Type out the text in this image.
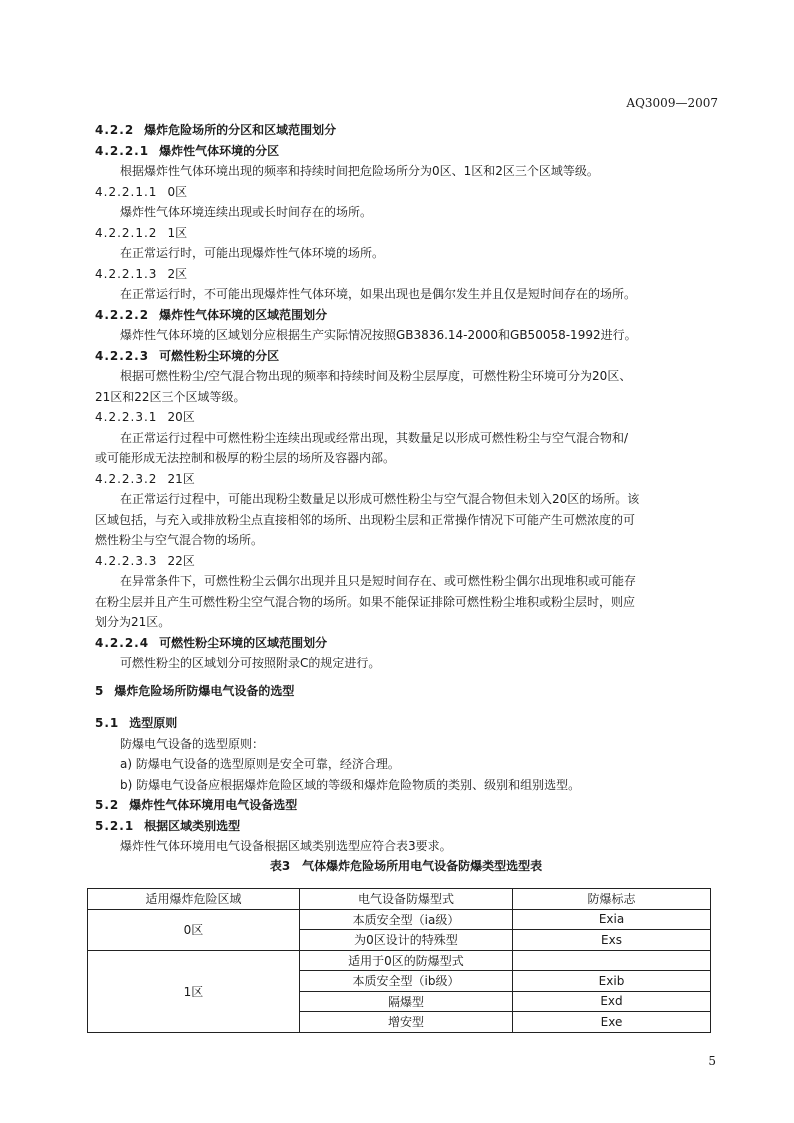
AQ3009—2007
4.2.2 爆炸危险场所的分区和区域范围划分
4.2.2.1 爆炸性气体环境的分区
根据爆炸性气体环境出现的频率和持续时间把危险场所分为0区、1区和2区三个区域等级。
4.2.2.1.1 0区
爆炸性气体环境连续出现或长时间存在的场所。
4.2.2.1.2 1区
在正常运行时，可能出现爆炸性气体环境的场所。
4.2.2.1.3 2区
在正常运行时，不可能出现爆炸性气体环境，如果出现也是偶尔发生并且仅是短时间存在的场所。
4.2.2.2 爆炸性气体环境的区域范围划分
爆炸性气体环境的区域划分应根据生产实际情况按照GB3836.14-2000和GB50058-1992进行。
4.2.2.3 可燃性粉尘环境的分区
根据可燃性粉尘/空气混合物出现的频率和持续时间及粉尘层厚度，可燃性粉尘环境可分为20区、
21区和22区三个区域等级。
4.2.2.3.1 20区
在正常运行过程中可燃性粉尘连续出现或经常出现，其数量足以形成可燃性粉尘与空气混合物和/
或可能形成无法控制和极厚的粉尘层的场所及容器内部。
4.2.2.3.2 21区
在正常运行过程中，可能出现粉尘数量足以形成可燃性粉尘与空气混合物但未划入20区的场所。该
区域包括，与充入或排放粉尘点直接相邻的场所、出现粉尘层和正常操作情况下可能产生可燃浓度的可
燃性粉尘与空气混合物的场所。
4.2.2.3.3 22区
在异常条件下，可燃性粉尘云偶尔出现并且只是短时间存在、或可燃性粉尘偶尔出现堆积或可能存
在粉尘层并且产生可燃性粉尘空气混合物的场所。如果不能保证排除可燃性粉尘堆积或粉尘层时，则应
划分为21区。
4.2.2.4 可燃性粉尘环境的区域范围划分
可燃性粉尘的区域划分可按照附录C的规定进行。
5 爆炸危险场所防爆电气设备的选型
5.1 选型原则
防爆电气设备的选型原则：
a) 防爆电气设备的选型原则是安全可靠，经济合理。
b) 防爆电气设备应根据爆炸危险区域的等级和爆炸危险物质的类别、级别和组别选型。
5.2 爆炸性气体环境用电气设备选型
5.2.1 根据区域类别选型
爆炸性气体环境用电气设备根据区域类别选型应符合表3要求。
表3　气体爆炸危险场所用电气设备防爆类型选型表
适用爆炸危险区域	电气设备防爆型式	防爆标志
0区	本质安全型（ia级）	Exia
	为0区设计的特殊型	Exs
1区	适用于0区的防爆型式	
	本质安全型（ib级）	Exib
	隔爆型	Exd
	增安型	Exe
5
